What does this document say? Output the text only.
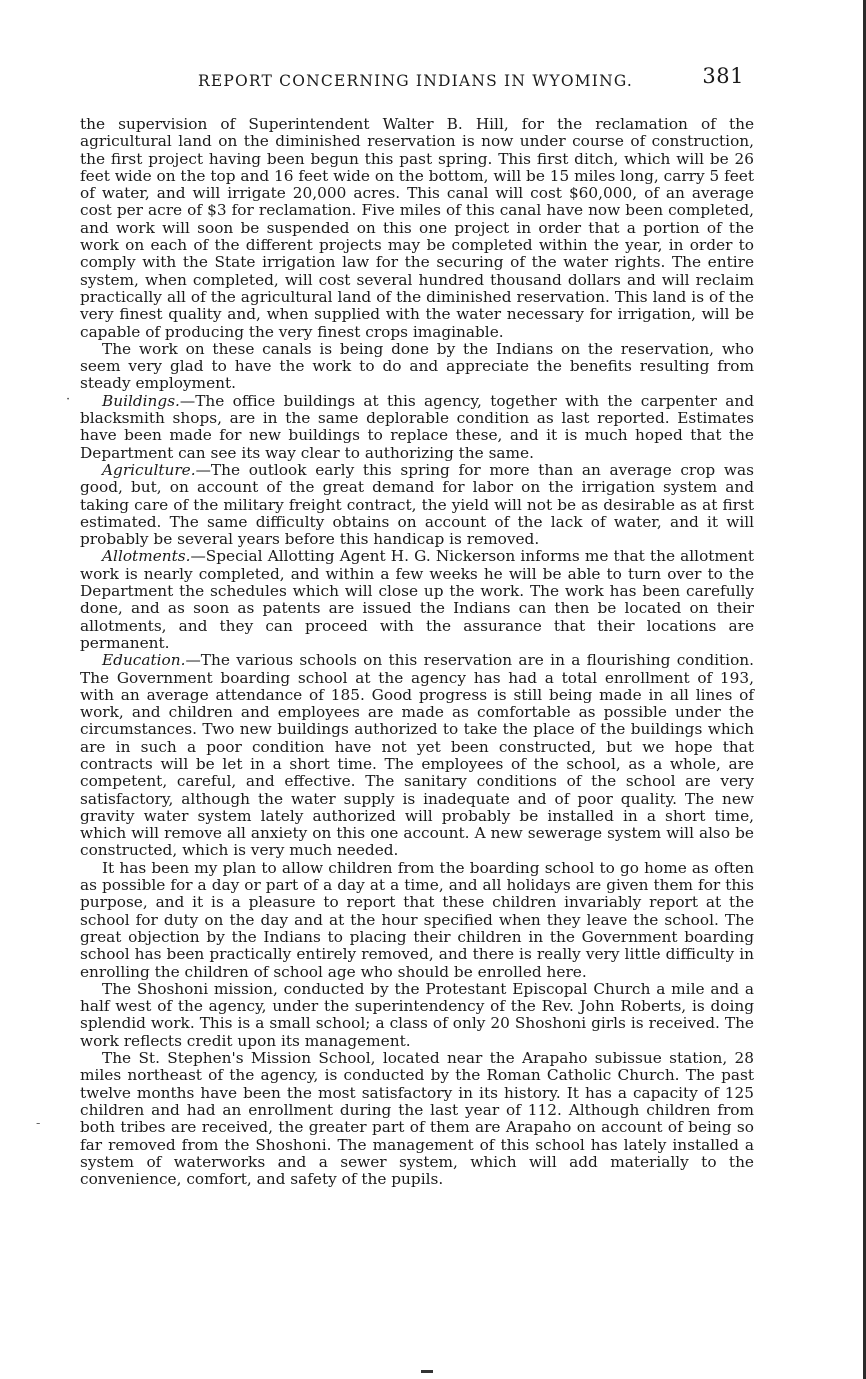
REPORT CONCERNING INDIANS IN WYOMING.	381
·
-

the supervision of Superintendent Walter B. Hill, for the reclamation of the agricultural land on the diminished reservation is now under course of construction, the first project having been begun this past spring. This first ditch, which will be 26 feet wide on the top and 16 feet wide on the bottom, will be 15 miles long, carry 5 feet of water, and will irrigate 20,000 acres. This canal will cost $60,000, of an average cost per acre of $3 for reclamation. Five miles of this canal have now been completed, and work will soon be suspended on this one project in order that a portion of the work on each of the different projects may be completed within the year, in order to comply with the State irrigation law for the securing of the water rights. The entire system, when completed, will cost several hundred thousand dollars and will reclaim practically all of the agricultural land of the diminished reservation. This land is of the very finest quality and, when supplied with the water necessary for irrigation, will be capable of producing the very finest crops imaginable.

The work on these canals is being done by the Indians on the reservation, who seem very glad to have the work to do and appreciate the benefits resulting from steady employment.

Buildings.—The office buildings at this agency, together with the carpenter and blacksmith shops, are in the same deplorable condition as last reported. Estimates have been made for new buildings to replace these, and it is much hoped that the Department can see its way clear to authorizing the same.

Agriculture.—The outlook early this spring for more than an average crop was good, but, on account of the great demand for labor on the irrigation system and taking care of the military freight contract, the yield will not be as desirable as at first estimated. The same difficulty obtains on account of the lack of water, and it will probably be several years before this handicap is removed.

Allotments.—Special Allotting Agent H. G. Nickerson informs me that the allotment work is nearly completed, and within a few weeks he will be able to turn over to the Department the schedules which will close up the work. The work has been carefully done, and as soon as patents are issued the Indians can then be located on their allotments, and they can proceed with the assurance that their locations are permanent.

Education.—The various schools on this reservation are in a flourishing condition. The Government boarding school at the agency has had a total enrollment of 193, with an average attendance of 185. Good progress is still being made in all lines of work, and children and employees are made as comfortable as possible under the circumstances. Two new buildings authorized to take the place of the buildings which are in such a poor condition have not yet been constructed, but we hope that contracts will be let in a short time. The employees of the school, as a whole, are competent, careful, and effective. The sanitary conditions of the school are very satisfactory, although the water supply is inadequate and of poor quality. The new gravity water system lately authorized will probably be installed in a short time, which will remove all anxiety on this one account. A new sewerage system will also be constructed, which is very much needed.

It has been my plan to allow children from the boarding school to go home as often as possible for a day or part of a day at a time, and all holidays are given them for this purpose, and it is a pleasure to report that these children invariably report at the school for duty on the day and at the hour specified when they leave the school. The great objection by the Indians to placing their children in the Government boarding school has been practically entirely removed, and there is really very little difficulty in enrolling the children of school age who should be enrolled here.

The Shoshoni mission, conducted by the Protestant Episcopal Church a mile and a half west of the agency, under the superintendency of the Rev. John Roberts, is doing splendid work. This is a small school; a class of only 20 Shoshoni girls is received. The work reflects credit upon its management.

The St. Stephen's Mission School, located near the Arapaho subissue station, 28 miles northeast of the agency, is conducted by the Roman Catholic Church. The past twelve months have been the most satisfactory in its history. It has a capacity of 125 children and had an enrollment during the last year of 112. Although children from both tribes are received, the greater part of them are Arapaho on account of being so far removed from the Shoshoni. The management of this school has lately installed a system of waterworks and a sewer system, which will add materially to the convenience, comfort, and safety of the pupils.
